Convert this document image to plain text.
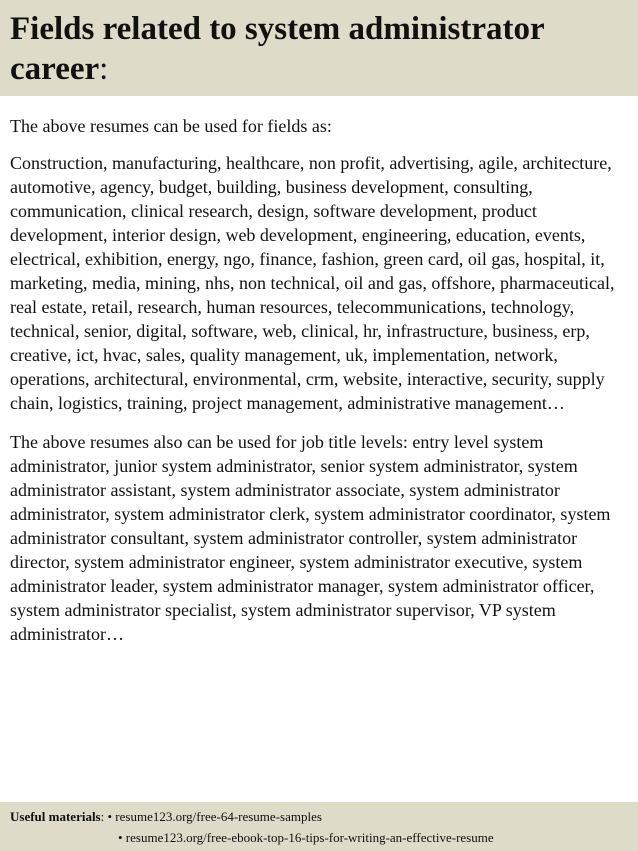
Fields related to system administrator career:

The above resumes can be used for fields as:

Construction, manufacturing, healthcare, non profit, advertising, agile, architecture, automotive, agency, budget, building, business development, consulting, communication, clinical research, design, software development, product development, interior design, web development, engineering, education, events, electrical, exhibition, energy, ngo, finance, fashion, green card, oil gas, hospital, it, marketing, media, mining, nhs, non technical, oil and gas, offshore, pharmaceutical, real estate, retail, research, human resources, telecommunications, technology, technical, senior, digital, software, web, clinical, hr, infrastructure, business, erp, creative, ict, hvac, sales, quality management, uk, implementation, network, operations, architectural, environmental, crm, website, interactive, security, supply chain, logistics, training, project management, administrative management…

The above resumes also can be used for job title levels: entry level system administrator, junior system administrator, senior system administrator, system administrator assistant, system administrator associate, system administrator administrator, system administrator clerk, system administrator coordinator, system administrator consultant, system administrator controller, system administrator director, system administrator engineer, system administrator executive, system administrator leader, system administrator manager, system administrator officer, system administrator specialist, system administrator supervisor, VP system administrator…

Useful materials: • resume123.org/free-64-resume-samples
• resume123.org/free-ebook-top-16-tips-for-writing-an-effective-resume
